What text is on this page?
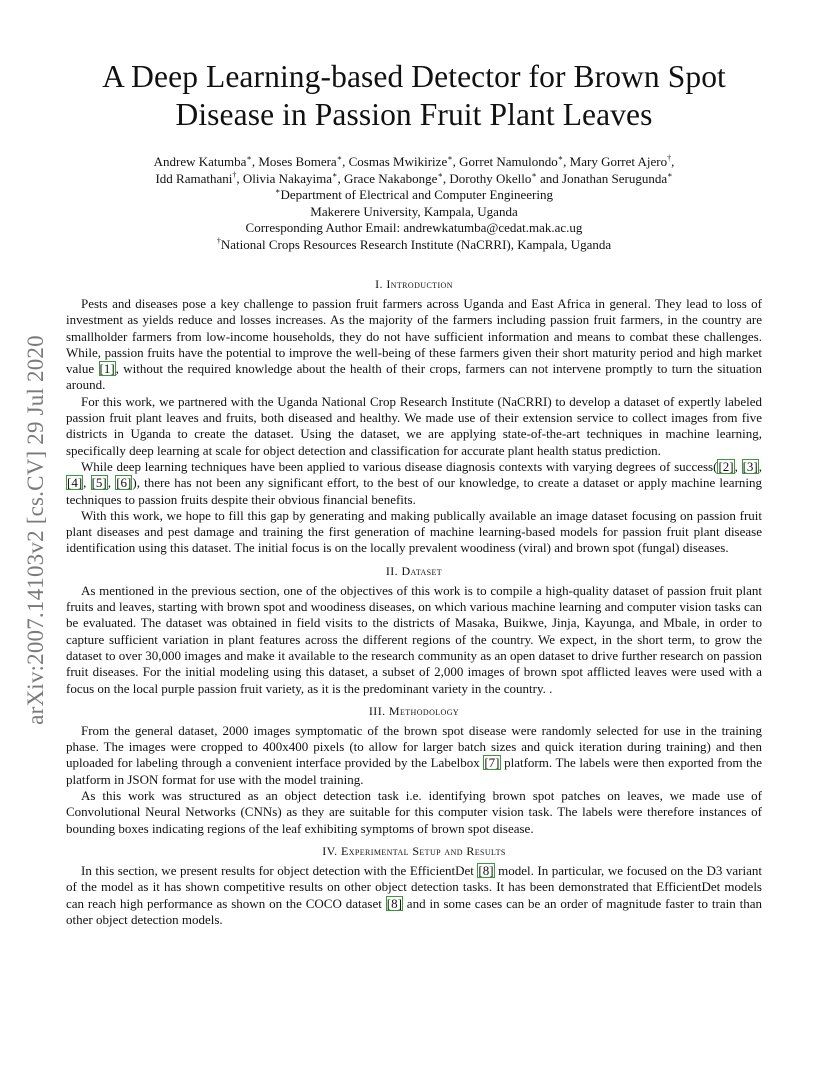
arXiv:2007.14103v2 [cs.CV] 29 Jul 2020
A Deep Learning-based Detector for Brown Spot
Disease in Passion Fruit Plant Leaves
Andrew Katumba∗, Moses Bomera∗, Cosmas Mwikirize∗, Gorret Namulondo∗, Mary Gorret Ajero†,
Idd Ramathani†, Olivia Nakayima∗, Grace Nakabonge∗, Dorothy Okello∗ and Jonathan Serugunda∗
∗Department of Electrical and Computer Engineering
Makerere University, Kampala, Uganda
Corresponding Author Email: andrewkatumba@cedat.mak.ac.ug
†National Crops Resources Research Institute (NaCRRI), Kampala, Uganda
I. Introduction

Pests and diseases pose a key challenge to passion fruit farmers across Uganda and East Africa in general. They lead to loss of investment as yields reduce and losses increases. As the majority of the farmers including passion fruit farmers, in the country are smallholder farmers from low-income households, they do not have sufficient information and means to combat these challenges. While, passion fruits have the potential to improve the well-being of these farmers given their short maturity period and high market value [1], without the required knowledge about the health of their crops, farmers can not intervene promptly to turn the situation around.

For this work, we partnered with the Uganda National Crop Research Institute (NaCRRI) to develop a dataset of expertly labeled passion fruit plant leaves and fruits, both diseased and healthy. We made use of their extension service to collect images from five districts in Uganda to create the dataset. Using the dataset, we are applying state-of-the-art techniques in machine learning, specifically deep learning at scale for object detection and classification for accurate plant health status prediction.

While deep learning techniques have been applied to various disease diagnosis contexts with varying degrees of success([2], [3], [4], [5], [6]), there has not been any significant effort, to the best of our knowledge, to create a dataset or apply machine learning techniques to passion fruits despite their obvious financial benefits.

With this work, we hope to fill this gap by generating and making publically available an image dataset focusing on passion fruit plant diseases and pest damage and training the first generation of machine learning-based models for passion fruit plant disease identification using this dataset. The initial focus is on the locally prevalent woodiness (viral) and brown spot (fungal) diseases.

II. Dataset

As mentioned in the previous section, one of the objectives of this work is to compile a high-quality dataset of passion fruit plant fruits and leaves, starting with brown spot and woodiness diseases, on which various machine learning and computer vision tasks can be evaluated. The dataset was obtained in field visits to the districts of Masaka, Buikwe, Jinja, Kayunga, and Mbale, in order to capture sufficient variation in plant features across the different regions of the country. We expect, in the short term, to grow the dataset to over 30,000 images and make it available to the research community as an open dataset to drive further research on passion fruit diseases. For the initial modeling using this dataset, a subset of 2,000 images of brown spot afflicted leaves were used with a focus on the local purple passion fruit variety, as it is the predominant variety in the country. .

III. Methodology

From the general dataset, 2000 images symptomatic of the brown spot disease were randomly selected for use in the training phase. The images were cropped to 400x400 pixels (to allow for larger batch sizes and quick iteration during training) and then uploaded for labeling through a convenient interface provided by the Labelbox [7] platform. The labels were then exported from the platform in JSON format for use with the model training.

As this work was structured as an object detection task i.e. identifying brown spot patches on leaves, we made use of Convolutional Neural Networks (CNNs) as they are suitable for this computer vision task. The labels were therefore instances of bounding boxes indicating regions of the leaf exhibiting symptoms of brown spot disease.

IV. Experimental Setup and Results

In this section, we present results for object detection with the EfficientDet [8] model. In particular, we focused on the D3 variant of the model as it has shown competitive results on other object detection tasks. It has been demonstrated that EfficientDet models can reach high performance as shown on the COCO dataset [8] and in some cases can be an order of magnitude faster to train than other object detection models.
